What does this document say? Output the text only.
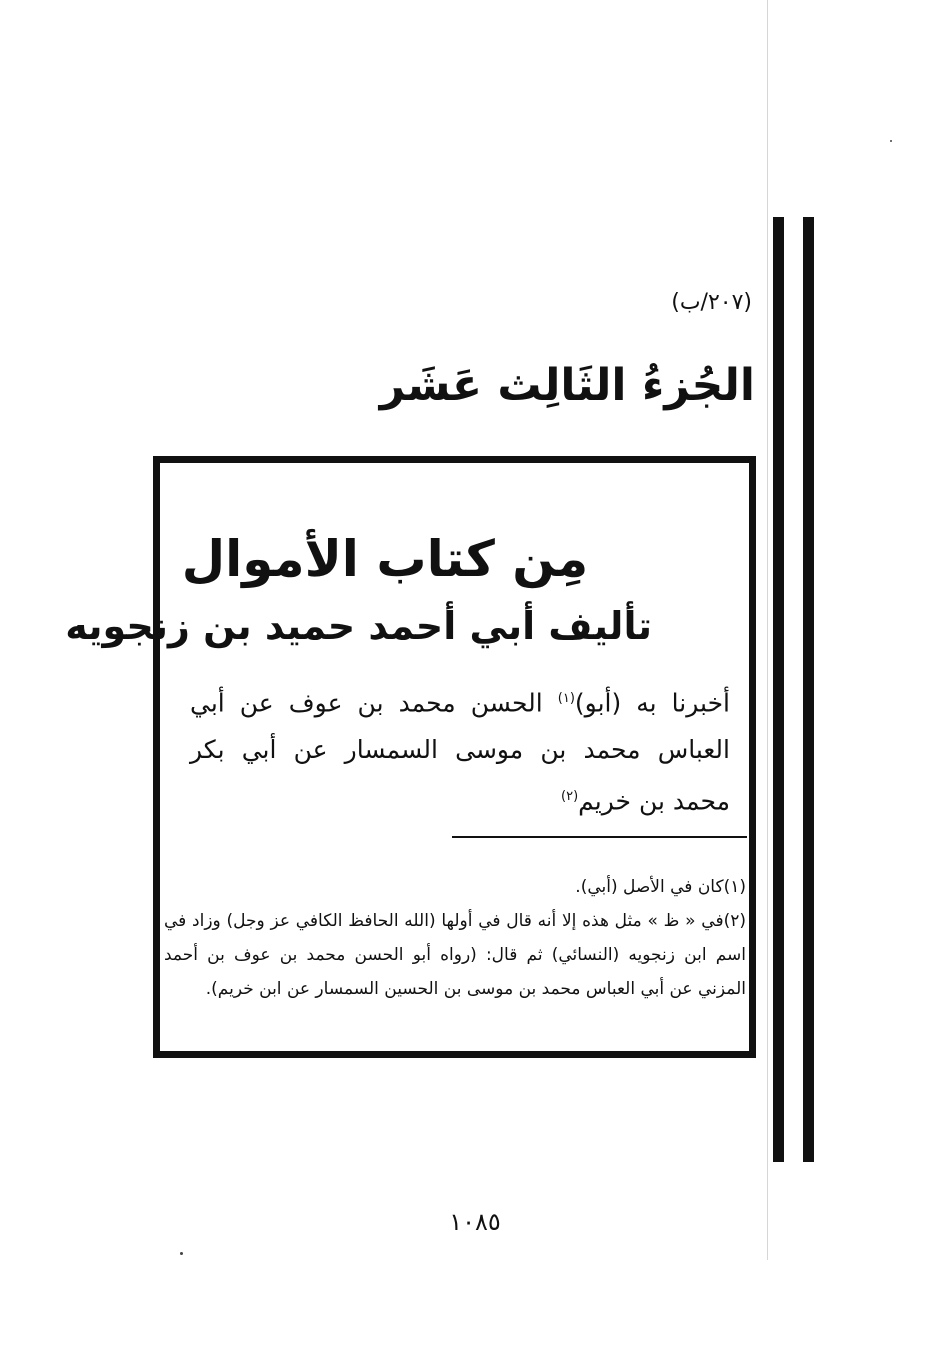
(٢٠٧/ب)
الجُزءُ الثَالِث عَشَر
مِن كتاب الأموال
تأليف أبي أحمد حميد بن زنجويه
أخبرنا به (أبو)$^{(١)}$ الحسن محمد بن عوف عن أبي العباس محمد بن موسى السمسار عن أبي بكر محمد بن خريم$^{(٢)}$
(١)كان في الأصل (أبي).
(٢)في « ظ » مثل هذه إلا أنه قال في أولها (الله الحافظ الكافي عز وجل) وزاد في اسم ابن زنجويه (النسائي) ثم قال: (رواه أبو الحسن محمد بن عوف بن أحمد المزني عن أبي العباس محمد بن موسى بن الحسين السمسار عن ابن خريم).
١٠٨٥
